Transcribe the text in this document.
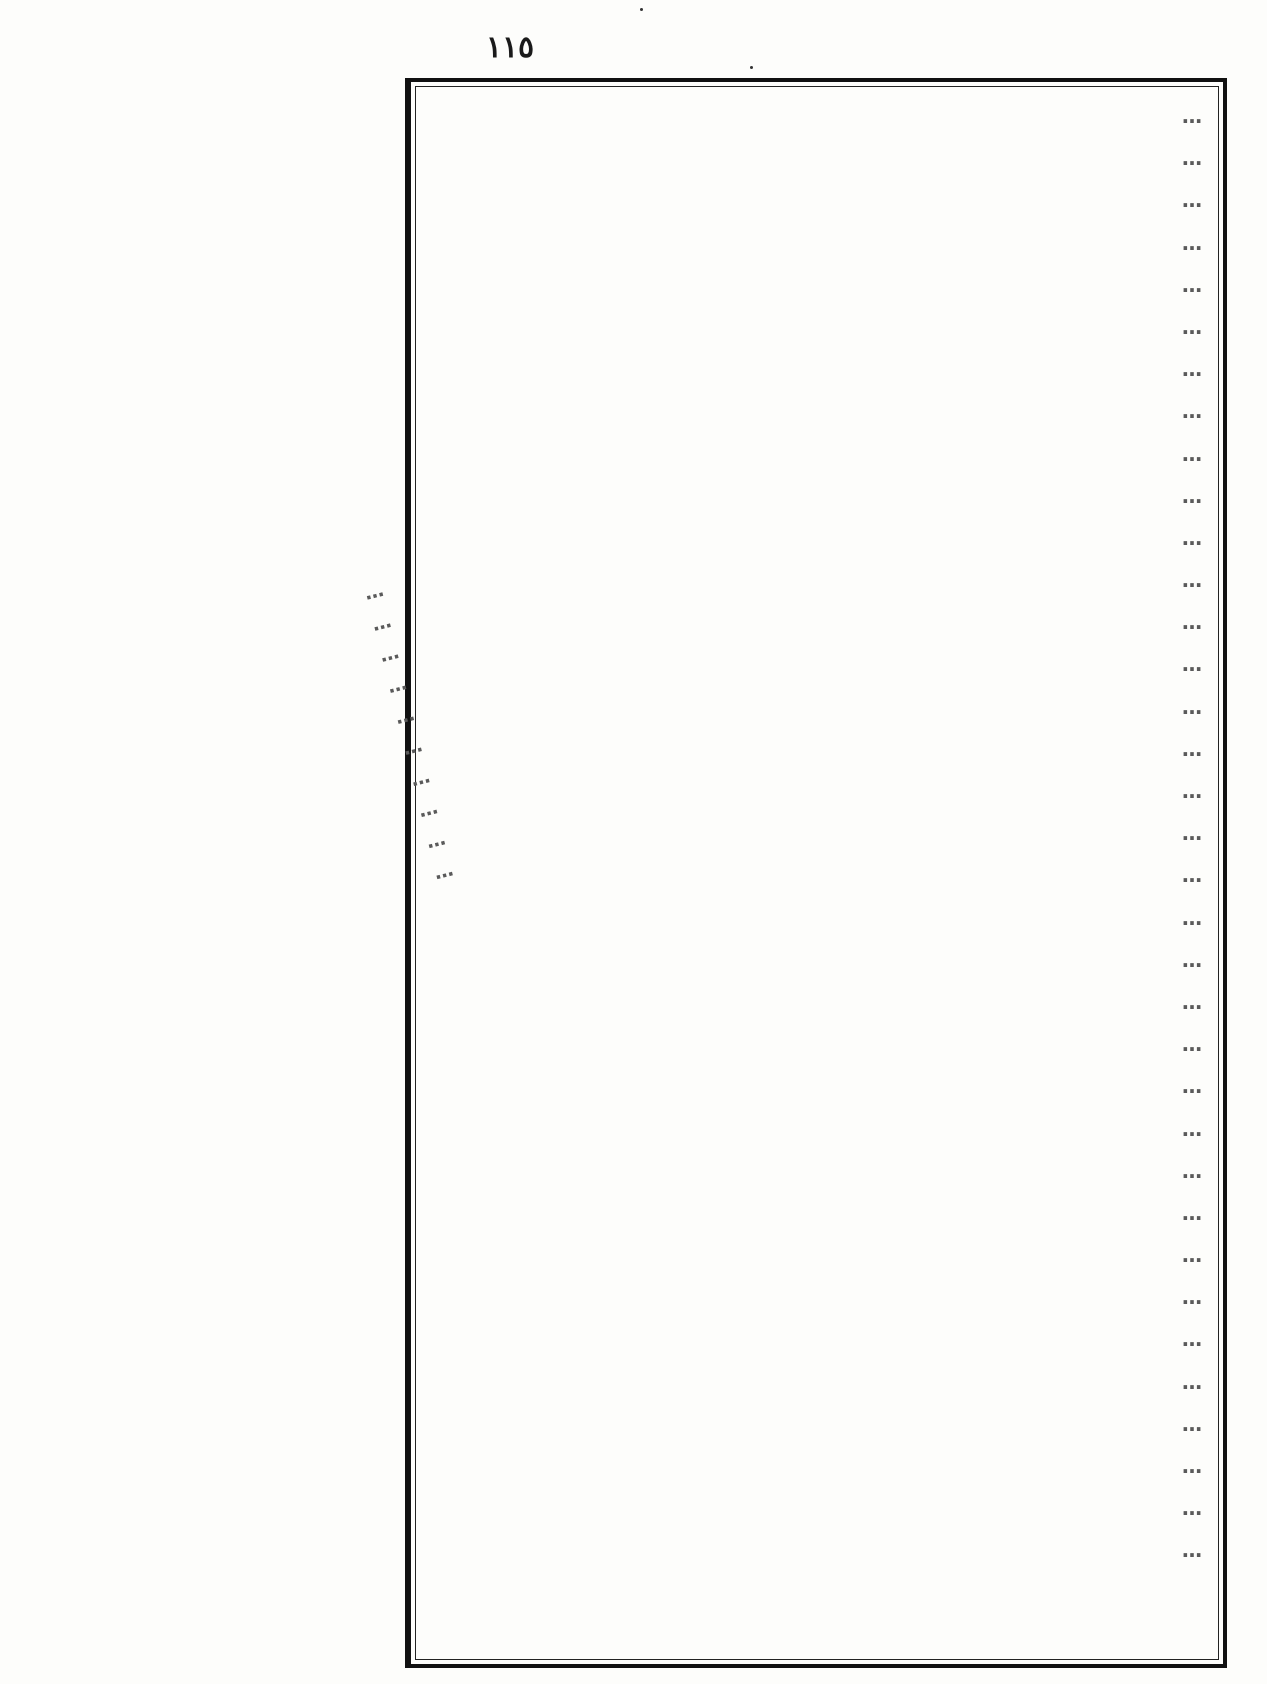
١١٥
…
…
…
…
…
…
…
…
…
…
…
…
…
…
…
…
…
…
…
…
…
…
…
…
…
…
…
…
…
…
…
…
…
…
…
…
…
…
…
…
…
…
…
…
…
